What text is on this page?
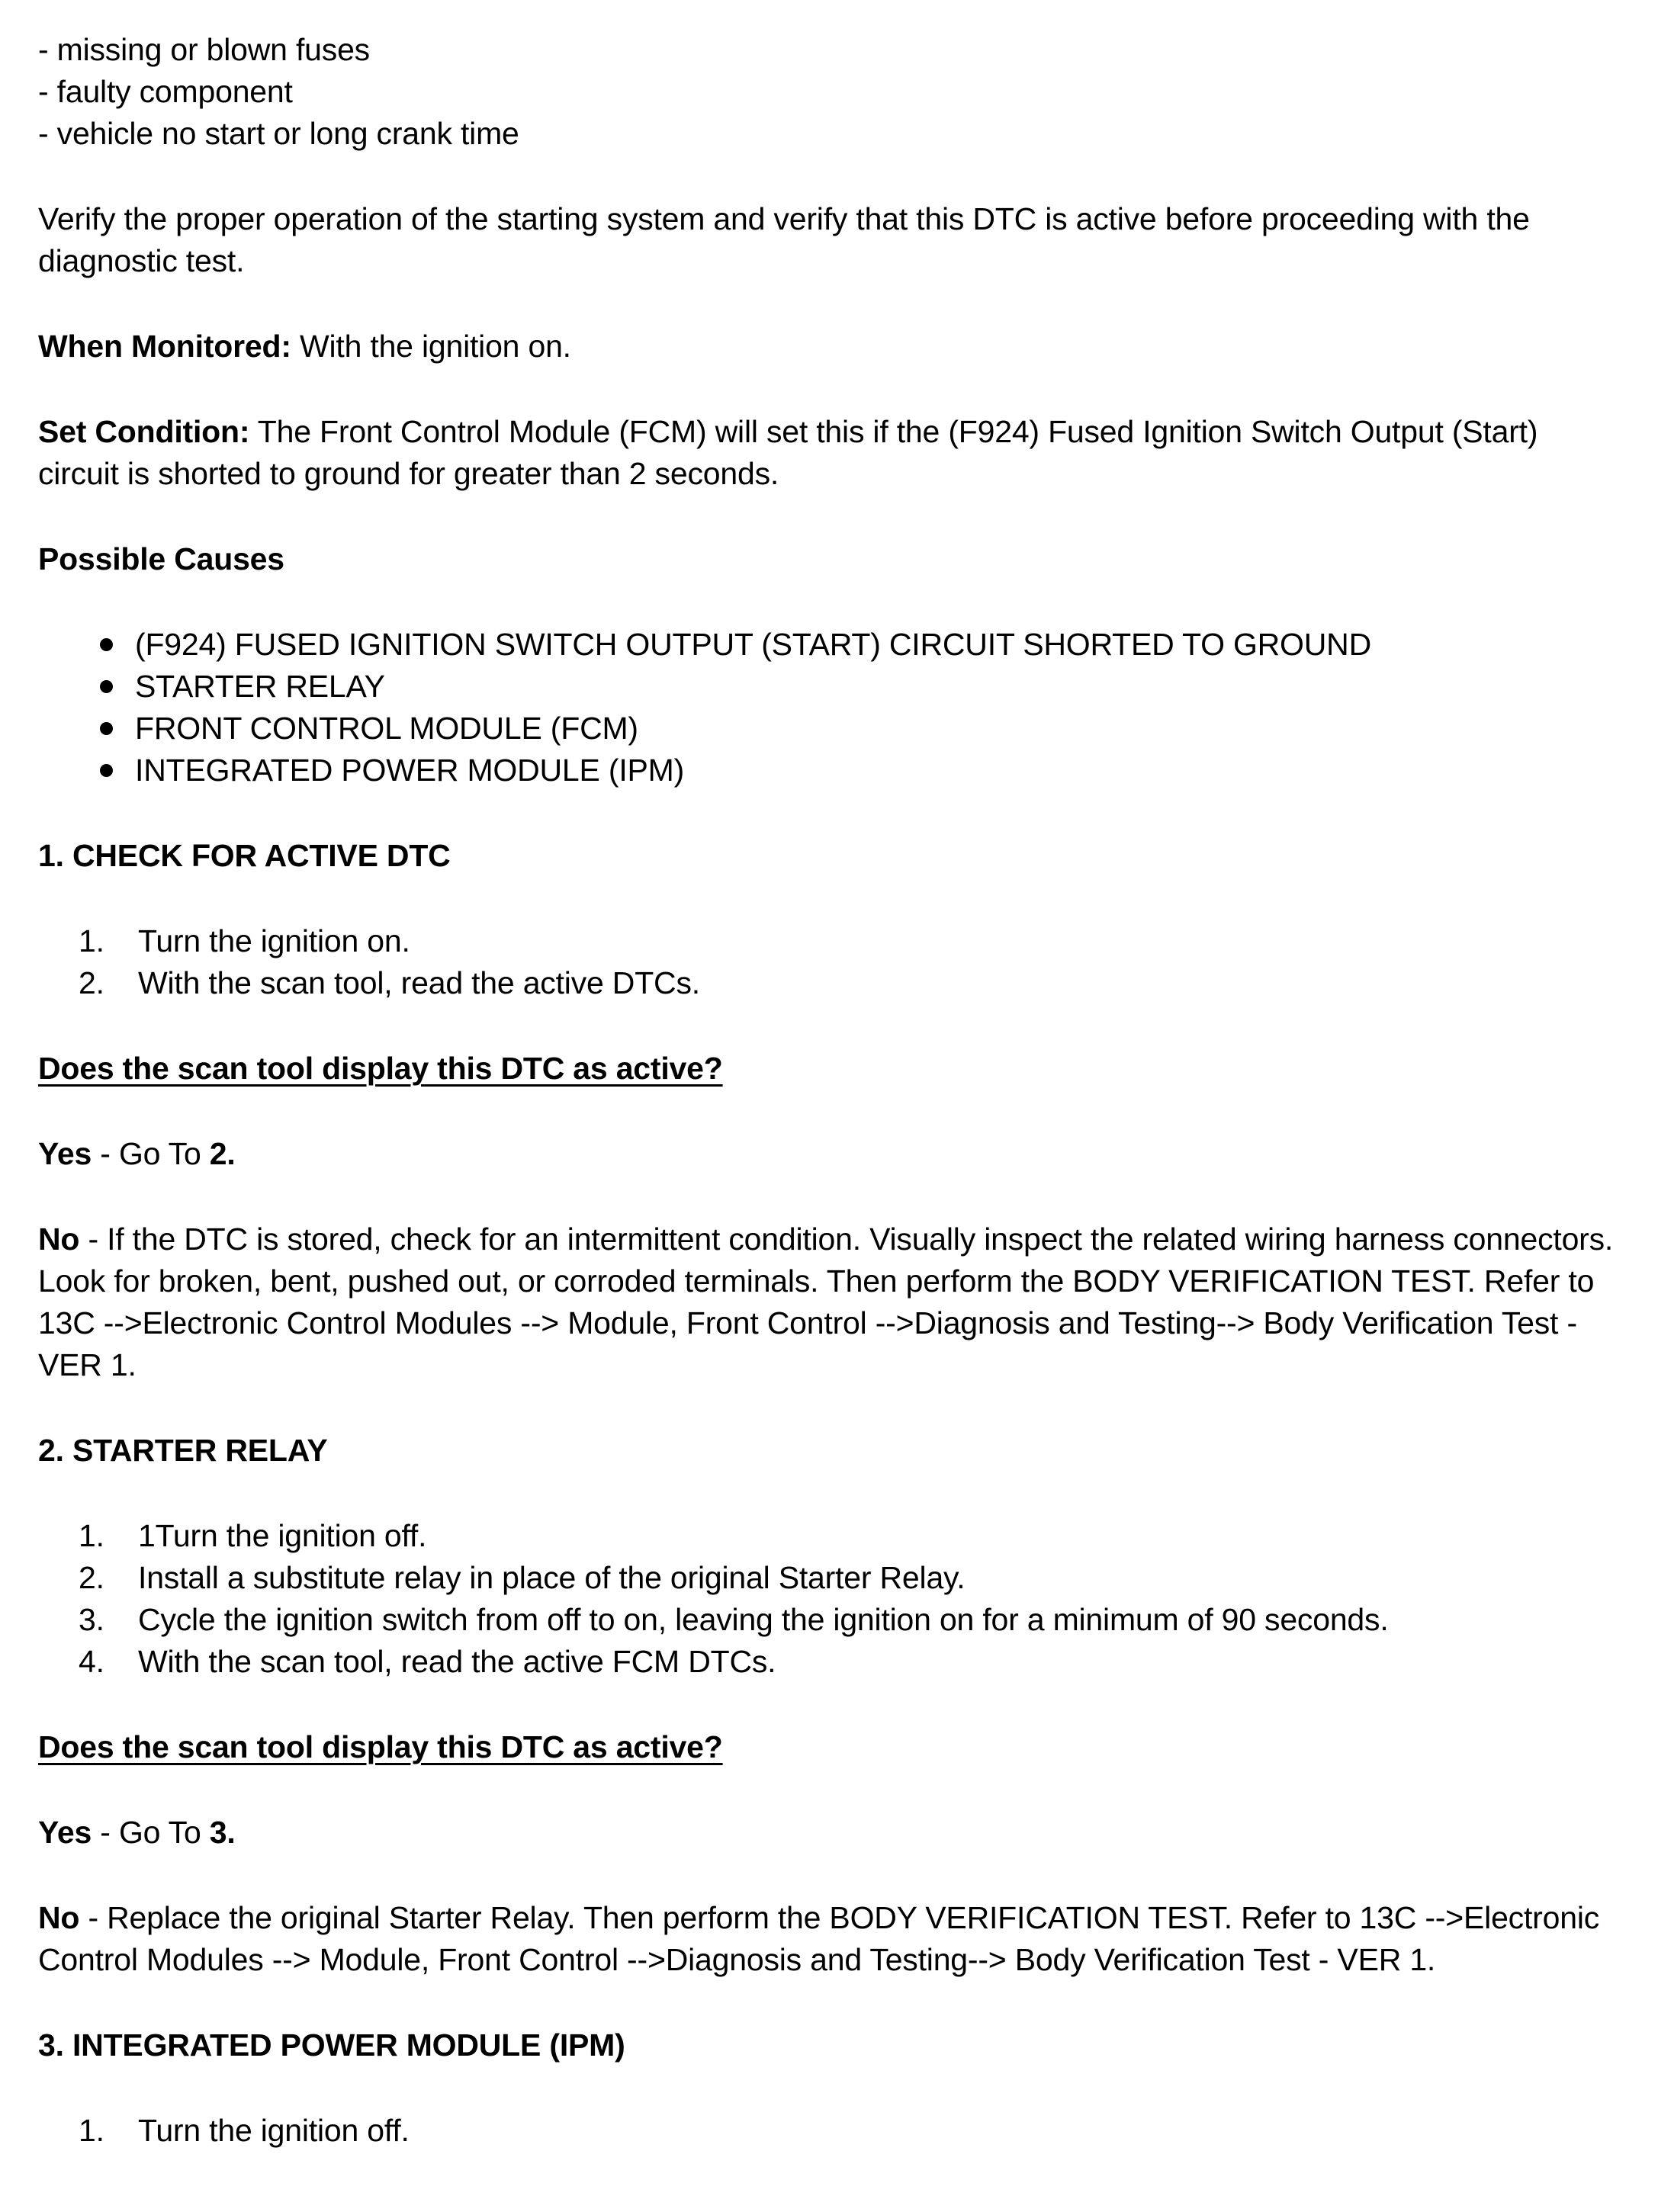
- missing or blown fuses

- faulty component

- vehicle no start or long crank time

Verify the proper operation of the starting system and verify that this DTC is active before proceeding with the diagnostic test.

When Monitored: With the ignition on.

Set Condition: The Front Control Module (FCM) will set this if the (F924) Fused Ignition Switch Output (Start) circuit is shorted to ground for greater than 2 seconds.

Possible Causes
(F924) FUSED IGNITION SWITCH OUTPUT (START) CIRCUIT SHORTED TO GROUND
STARTER RELAY
FRONT CONTROL MODULE (FCM)
INTEGRATED POWER MODULE (IPM)
1. CHECK FOR ACTIVE DTC
Turn the ignition on.
With the scan tool, read the active DTCs.

Does the scan tool display this DTC as active?

Yes - Go To 2.

No - If the DTC is stored, check for an intermittent condition. Visually inspect the related wiring harness connectors. Look for broken, bent, pushed out, or corroded terminals. Then perform the BODY VERIFICATION TEST. Refer to 13C -->Electronic Control Modules --> Module, Front Control -->Diagnosis and Testing--> Body Verification Test - VER 1.

2. STARTER RELAY
1Turn the ignition off.
Install a substitute relay in place of the original Starter Relay.
Cycle the ignition switch from off to on, leaving the ignition on for a minimum of 90 seconds.
With the scan tool, read the active FCM DTCs.

Does the scan tool display this DTC as active?

Yes - Go To 3.

No - Replace the original Starter Relay. Then perform the BODY VERIFICATION TEST. Refer to 13C -->Electronic Control Modules --> Module, Front Control -->Diagnosis and Testing--> Body Verification Test - VER 1.

3. INTEGRATED POWER MODULE (IPM)
Turn the ignition off.
